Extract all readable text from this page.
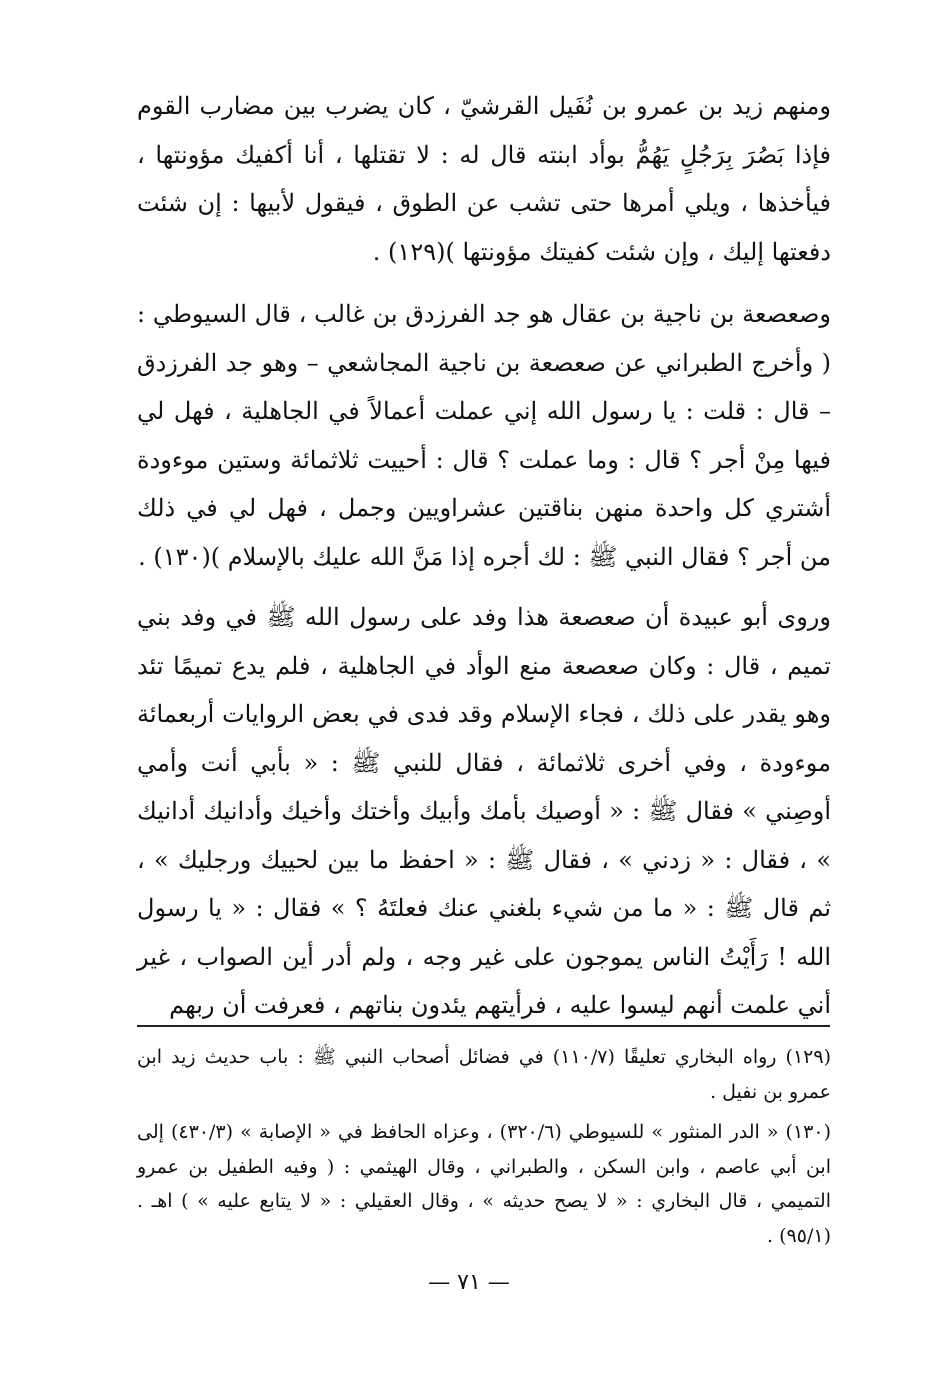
ومنهم زيد بن عمرو بن نُفَيل القرشيّ ، كان يضرب بين مضارب القوم فإذا بَصُرَ بِرَجُلٍ يَهُمُّ بوأد ابنته قال له : لا تقتلها ، أنا أكفيك مؤونتها ، فيأخذها ، ويلي أمرها حتى تشب عن الطوق ، فيقول لأبيها : إن شئت دفعتها إليك ، وإن شئت كفيتك مؤونتها )(١٢٩) .

وصعصعة بن ناجية بن عقال هو جد الفرزدق بن غالب ، قال السيوطي : ( وأخرج الطبراني عن صعصعة بن ناجية المجاشعي – وهو جد الفرزدق – قال : قلت : يا رسول الله إني عملت أعمالاً في الجاهلية ، فهل لي فيها مِنْ أجر ؟ قال : وما عملت ؟ قال : أحييت ثلاثمائة وستين موءودة أشتري كل واحدة منهن بناقتين عشراويين وجمل ، فهل لي في ذلك من أجر ؟ فقال النبي ﷺ : لك أجره إذا مَنَّ الله عليك بالإسلام )(١٣٠) .

وروى أبو عبيدة أن صعصعة هذا وفد على رسول الله ﷺ في وفد بني تميم ، قال : وكان صعصعة منع الوأد في الجاهلية ، فلم يدع تميمًا تئد وهو يقدر على ذلك ، فجاء الإسلام وقد فدى في بعض الروايات أربعمائة موءودة ، وفي أخرى ثلاثمائة ، فقال للنبي ﷺ : « بأبي أنت وأمي أوصِني » فقال ﷺ : « أوصيك بأمك وأبيك وأختك وأخيك وأدانيك أدانيك » ، فقال : « زدني » ، فقال ﷺ : « احفظ ما بين لحييك ورجليك » ، ثم قال ﷺ : « ما من شيء بلغني عنك فعلتَهُ ؟ » فقال : « يا رسول الله ! رَأَيْتُ الناس يموجون على غير وجه ، ولم أدر أين الصواب ، غير أني علمت أنهم ليسوا عليه ، فرأيتهم يئدون بناتهم ، فعرفت أن ربهم

(١٢٩) رواه البخاري تعليقًا (١١٠/٧) في فضائل أصحاب النبي ﷺ : باب حديث زيد ابن عمرو بن نفيل .

(١٣٠) « الدر المنثور » للسيوطي (٣٢٠/٦) ، وعزاه الحافظ في « الإصابة » (٤٣٠/٣) إلى ابن أبي عاصم ، وابن السكن ، والطبراني ، وقال الهيثمي : ( وفيه الطفيل بن عمرو التميمي ، قال البخاري : « لا يصح حديثه » ، وقال العقيلي : « لا يتابع عليه » ) اهـ . (٩٥/١) .

— ٧١ —
